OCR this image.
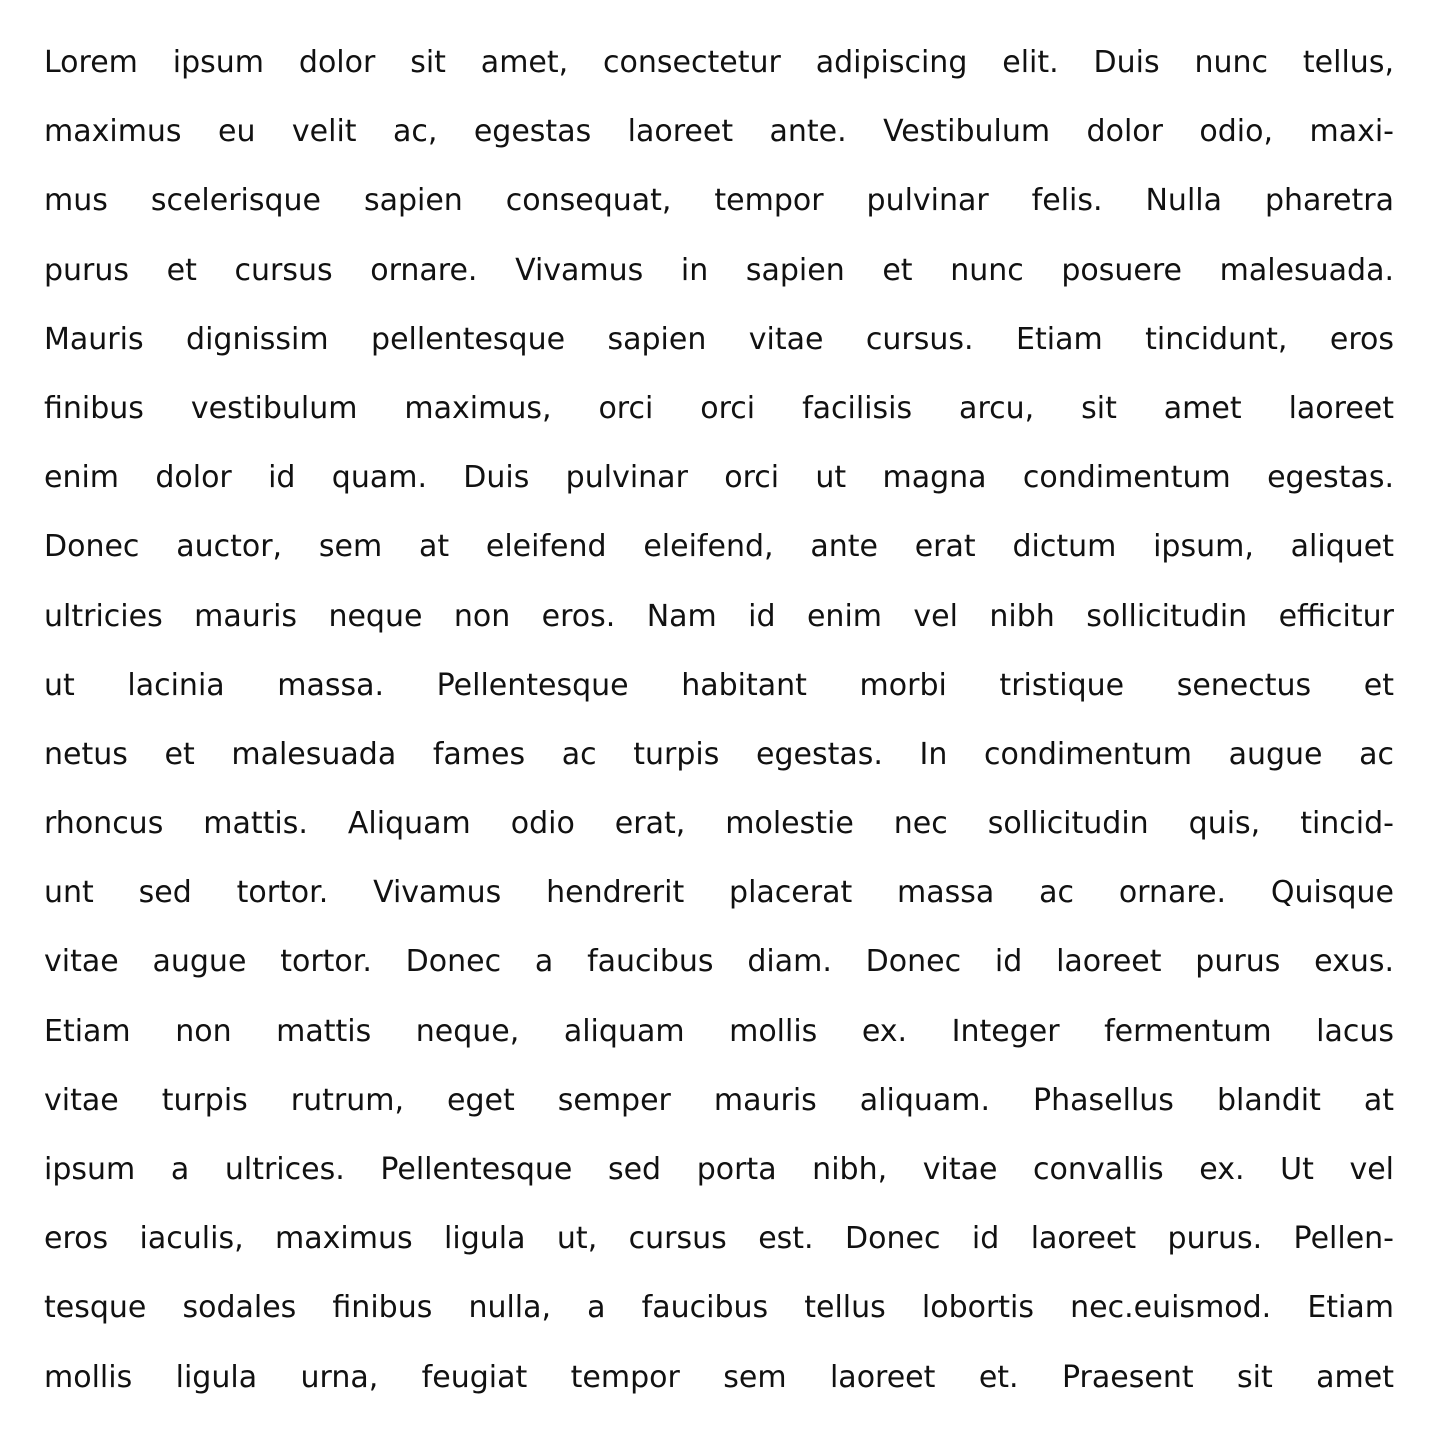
Lorem ipsum dolor sit amet, consectetur adipiscing elit. Duis nunc tellus,
maximus eu velit ac, egestas laoreet ante. Vestibulum dolor odio, maxi-
mus scelerisque sapien consequat, tempor pulvinar felis. Nulla pharetra
purus et cursus ornare. Vivamus in sapien et nunc posuere malesuada.
Mauris dignissim pellentesque sapien vitae cursus. Etiam tincidunt, eros
finibus vestibulum maximus, orci orci facilisis arcu, sit amet laoreet
enim dolor id quam. Duis pulvinar orci ut magna condimentum egestas.
Donec auctor, sem at eleifend eleifend, ante erat dictum ipsum, aliquet
ultricies mauris neque non eros. Nam id enim vel nibh sollicitudin efficitur
ut lacinia massa. Pellentesque habitant morbi tristique senectus et
netus et malesuada fames ac turpis egestas. In condimentum augue ac
rhoncus mattis. Aliquam odio erat, molestie nec sollicitudin quis, tincid-
unt sed tortor. Vivamus hendrerit placerat massa ac ornare. Quisque
vitae augue tortor. Donec a faucibus diam. Donec id laoreet purus exus.
Etiam non mattis neque, aliquam mollis ex. Integer fermentum lacus
vitae turpis rutrum, eget semper mauris aliquam. Phasellus blandit at
ipsum a ultrices. Pellentesque sed porta nibh, vitae convallis ex. Ut vel
eros iaculis, maximus ligula ut, cursus est. Donec id laoreet purus. Pellen-
tesque sodales finibus nulla, a faucibus tellus lobortis nec.euismod. Etiam
mollis ligula urna, feugiat tempor sem laoreet et. Praesent sit amet
